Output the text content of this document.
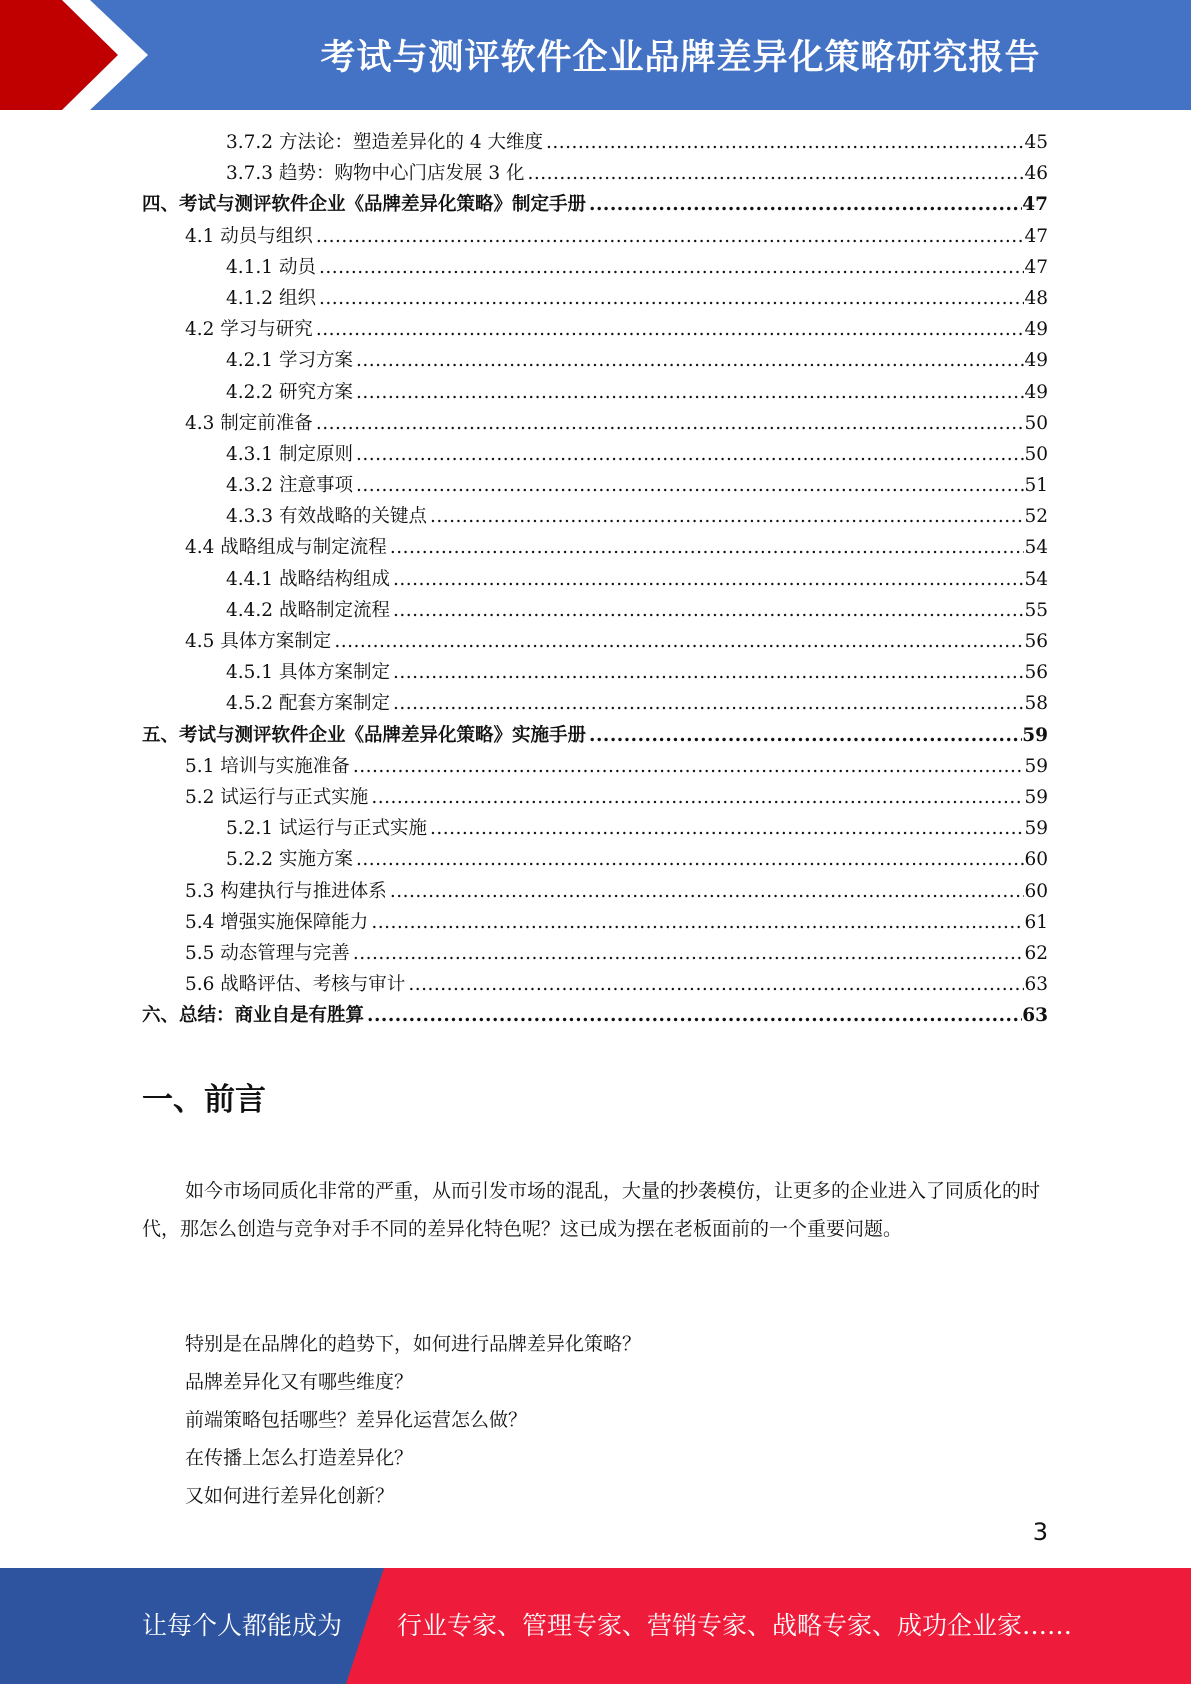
考试与测评软件企业品牌差异化策略研究报告
3.7.2 方法论：塑造差异化的 4 大维度 .....	45
3.7.3 趋势：购物中心门店发展 3 化 .....	46
四、考试与测评软件企业《品牌差异化策略》制定手册 .....	47
4.1 动员与组织 .....	47
4.1.1 动员 .....	47
4.1.2 组织 .....	48
4.2 学习与研究 .....	49
4.2.1 学习方案 .....	49
4.2.2 研究方案 .....	49
4.3 制定前准备 .....	50
4.3.1 制定原则 .....	50
4.3.2 注意事项 .....	51
4.3.3 有效战略的关键点 .....	52
4.4 战略组成与制定流程 .....	54
4.4.1 战略结构组成 .....	54
4.4.2 战略制定流程 .....	55
4.5 具体方案制定 .....	56
4.5.1 具体方案制定 .....	56
4.5.2 配套方案制定 .....	58
五、考试与测评软件企业《品牌差异化策略》实施手册 .....	59
5.1 培训与实施准备 .....	59
5.2 试运行与正式实施 .....	59
5.2.1 试运行与正式实施 .....	59
5.2.2 实施方案 .....	60
5.3 构建执行与推进体系 .....	60
5.4 增强实施保障能力 .....	61
5.5 动态管理与完善 .....	62
5.6 战略评估、考核与审计 .....	63
六、总结：商业自是有胜算 .....	63
一、前言
如今市场同质化非常的严重，从而引发市场的混乱，大量的抄袭模仿，让更多的企业进入了同质化的时代，那怎么创造与竞争对手不同的差异化特色呢？这已成为摆在老板面前的一个重要问题。
特别是在品牌化的趋势下，如何进行品牌差异化策略？
品牌差异化又有哪些维度？
前端策略包括哪些？差异化运营怎么做？
在传播上怎么打造差异化？
又如何进行差异化创新？
3
让每个人都能成为 行业专家、管理专家、营销专家、战略专家、成功企业家……
